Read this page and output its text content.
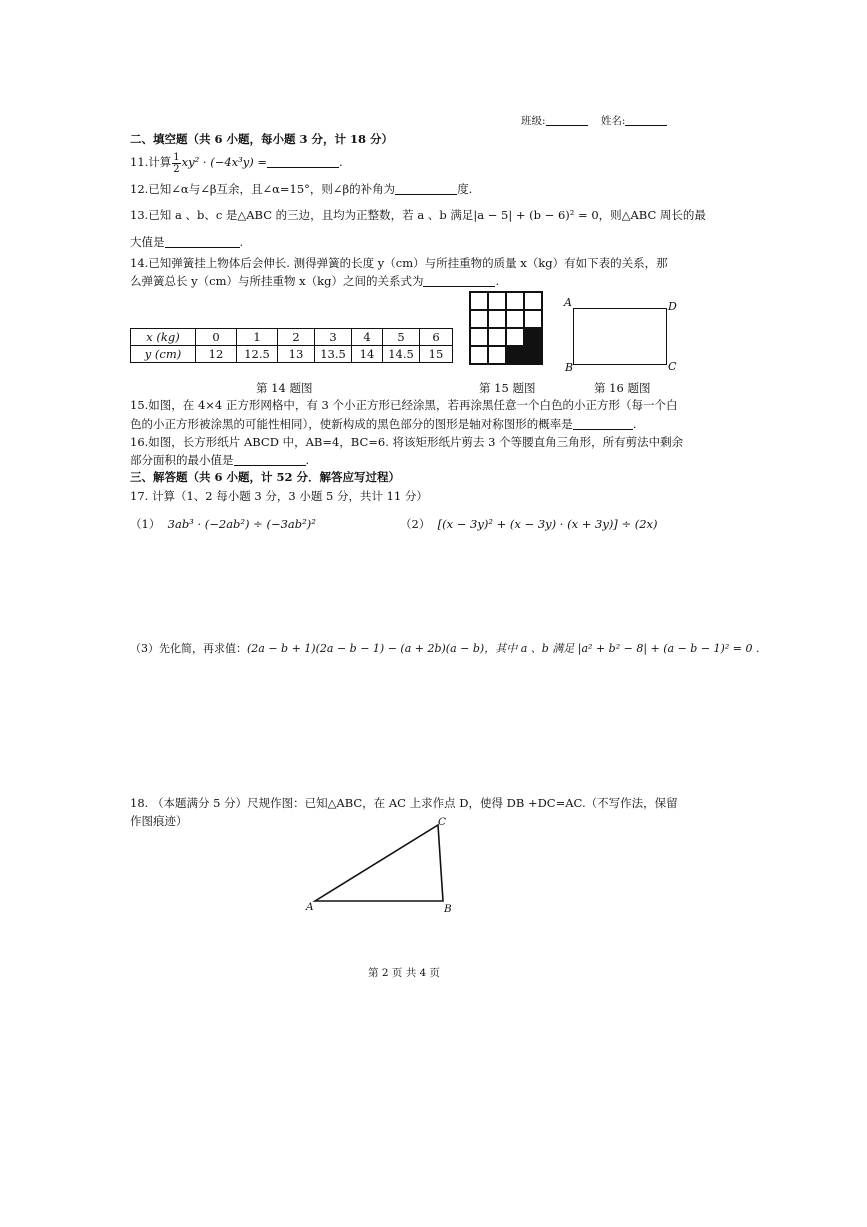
班级:	姓名:
二、填空题（共 6 小题，每小题 3 分，计 18 分）
11.计算 $\frac{1}{2} xy^2 \cdot (-4x^3y)$ =	.
12.已知∠α与∠β互余，且∠α=15°，则∠β的补角为	度.
13.已知 a 、b、c 是△ABC 的三边，且均为正整数，若 a 、b 满足|a − 5| + (b − 6)² = 0，则△ABC 周长的最
大值是	.
14.已知弹簧挂上物体后会伸长. 测得弹簧的长度 y（cm）与所挂重物的质量 x（kg）有如下表的关系，那
么弹簧总长 y（cm）与所挂重物 x（kg）之间的关系式为	.
x (kg)	0	1	2	3	4	5	6
y (cm)	12	12.5	13	13.5	14	14.5	15
A	D
B	C
第 14 题图	第 15 题图	第 16 题图
15.如图，在 4×4 正方形网格中，有 3 个小正方形已经涂黑，若再涂黑任意一个白色的小正方形（每一个白
色的小正方形被涂黑的可能性相同），使新构成的黑色部分的图形是轴对称图形的概率是	.
16.如图，长方形纸片 ABCD 中，AB=4，BC=6. 将该矩形纸片剪去 3 个等腰直角三角形，所有剪法中剩余
部分面积的最小值是	.
三、解答题（共 6 小题，计 52 分．解答应写过程）
17. 计算（1、2 每小题 3 分，3 小题 5 分，共计 11 分）
（1） 3ab³ · (−2ab²) ÷ (−3ab²)²	（2） [(x − 3y)² + (x − 3y) · (x + 3y)] ÷ (2x)
（3）先化简，再求值：(2a − b + 1)(2a − b − 1) − (a + 2b)(a − b)，其中 a 、b 满足 |a² + b² − 8| + (a − b − 1)² = 0 .
18. （本题满分 5 分）尺规作图：已知△ABC，在 AC 上求作点 D，使得 DB +DC=AC.（不写作法，保留
作图痕迹）
A	B
C
第 2 页 共 4 页
